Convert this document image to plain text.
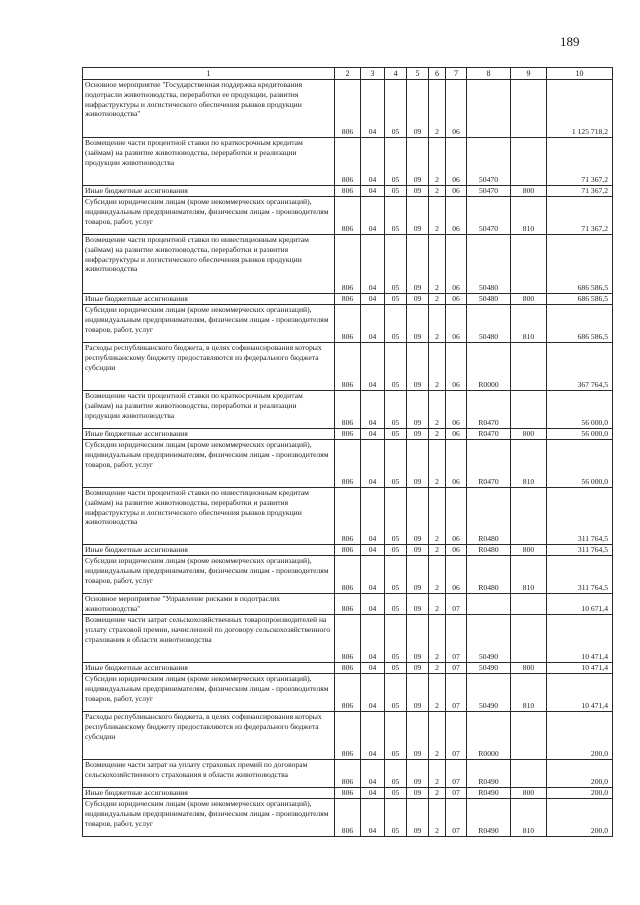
189
1	2	3	4	5	6	7	8	9	10
Основное мероприятие "Государственная поддержка кредитования подотрасли животноводства, переработки ее продукции, развития инфраструктуры и логистического обеспечения рынков продукции животноводства"	806	04	05	09	2	06			1 125 718,2
Возмещение части процентной ставки по краткосрочным кредитам (займам) на развитие животноводства, переработки и реализации продукции животноводства	806	04	05	09	2	06	50470		71 367,2
Иные бюджетные ассигнования	806	04	05	09	2	06	50470	800	71 367,2
Субсидии юридическим лицам (кроме некоммерческих организаций), индивидуальным предпринимателям, физическим лицам - производителям товаров, работ, услуг	806	04	05	09	2	06	50470	810	71 367,2
Возмещение части процентной ставки по инвестиционным кредитам (займам) на развитие животноводства, переработки и развития инфраструктуры и логистического обеспечения рынков продукции животноводства	806	04	05	09	2	06	50480		686 586,5
Иные бюджетные ассигнования	806	04	05	09	2	06	50480	800	686 586,5
Субсидии юридическим лицам (кроме некоммерческих организаций), индивидуальным предпринимателям, физическим лицам - производителям товаров, работ, услуг	806	04	05	09	2	06	50480	810	686 586,5
Расходы республиканского бюджета, в целях софинансирования которых республиканскому бюджету предоставляются из федерального бюджета субсидии	806	04	05	09	2	06	R0000		367 764,5
Возмещение части процентной ставки по краткосрочным кредитам (займам) на развитие животноводства, переработки и реализации продукции животноводства	806	04	05	09	2	06	R0470		56 000,0
Иные бюджетные ассигнования	806	04	05	09	2	06	R0470	800	56 000,0
Субсидии юридическим лицам (кроме некоммерческих организаций), индивидуальным предпринимателям, физическим лицам - производителям товаров, работ, услуг	806	04	05	09	2	06	R0470	810	56 000,0
Возмещение части процентной ставки по инвестиционным кредитам (займам) на развитие животноводства, переработки и развития инфраструктуры и логистического обеспечения рынков продукции животноводства	806	04	05	09	2	06	R0480		311 764,5
Иные бюджетные ассигнования	806	04	05	09	2	06	R0480	800	311 764,5
Субсидии юридическим лицам (кроме некоммерческих организаций), индивидуальным предпринимателям, физическим лицам - производителям товаров, работ, услуг	806	04	05	09	2	06	R0480	810	311 764,5
Основное мероприятие "Управление рисками в подотраслях животноводства"	806	04	05	09	2	07			10 671,4
Возмещение части затрат сельскохозяйственных товаропроизводителей на уплату страховой премии, начисленной по договору сельскохозяйственного страхования в области животноводства	806	04	05	09	2	07	50490		10 471,4
Иные бюджетные ассигнования	806	04	05	09	2	07	50490	800	10 471,4
Субсидии юридическим лицам (кроме некоммерческих организаций), индивидуальным предпринимателям, физическим лицам - производителям товаров, работ, услуг	806	04	05	09	2	07	50490	810	10 471,4
Расходы республиканского бюджета, в целях софинансирования которых республиканскому бюджету предоставляются из федерального бюджета субсидии	806	04	05	09	2	07	R0000		200,0
Возмещение части затрат на уплату страховых премий по договорам сельскохозяйственного страхования в области животноводства	806	04	05	09	2	07	R0490		200,0
Иные бюджетные ассигнования	806	04	05	09	2	07	R0490	800	200,0
Субсидии юридическим лицам (кроме некоммерческих организаций), индивидуальным предпринимателям, физическим лицам - производителям товаров, работ, услуг	806	04	05	09	2	07	R0490	810	200,0
